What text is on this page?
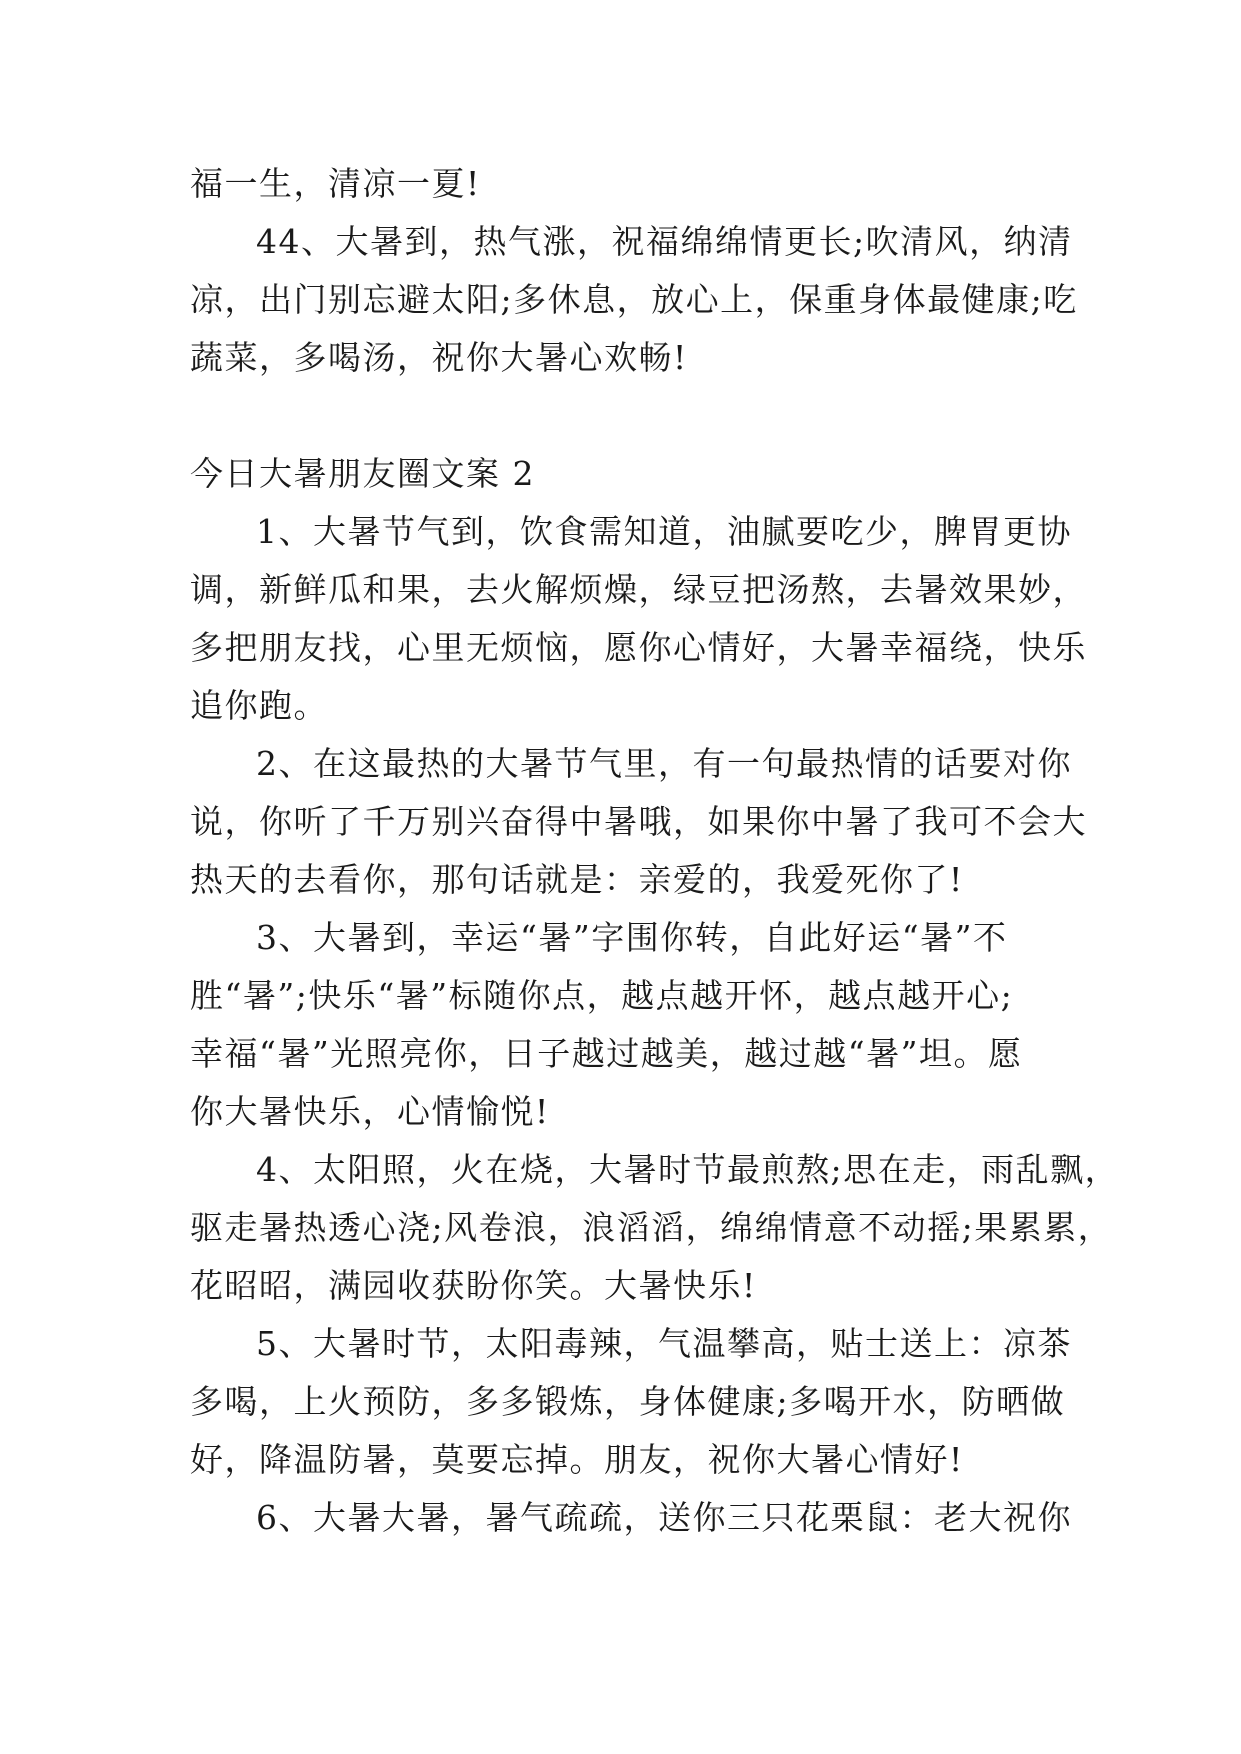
福一生，清凉一夏!
44、大暑到，热气涨，祝福绵绵情更长;吹清风，纳清
凉，出门别忘避太阳;多休息，放心上，保重身体最健康;吃
蔬菜，多喝汤，祝你大暑心欢畅!
今日大暑朋友圈文案 2
1、大暑节气到，饮食需知道，油腻要吃少，脾胃更协
调，新鲜瓜和果，去火解烦燥，绿豆把汤熬，去暑效果妙，
多把朋友找，心里无烦恼，愿你心情好，大暑幸福绕，快乐
追你跑。
2、在这最热的大暑节气里，有一句最热情的话要对你
说，你听了千万别兴奋得中暑哦，如果你中暑了我可不会大
热天的去看你，那句话就是：亲爱的，我爱死你了!
3、大暑到，幸运“暑”字围你转，自此好运“暑”不
胜“暑”;快乐“暑”标随你点，越点越开怀，越点越开心;
幸福“暑”光照亮你，日子越过越美，越过越“暑”坦。愿
你大暑快乐，心情愉悦!
4、太阳照，火在烧，大暑时节最煎熬;思在走，雨乱飘，
驱走暑热透心浇;风卷浪，浪滔滔，绵绵情意不动摇;果累累，
花昭昭，满园收获盼你笑。大暑快乐!
5、大暑时节，太阳毒辣，气温攀高，贴士送上：凉茶
多喝，上火预防，多多锻炼，身体健康;多喝开水，防晒做
好，降温防暑，莫要忘掉。朋友，祝你大暑心情好!
6、大暑大暑，暑气疏疏，送你三只花栗鼠：老大祝你
